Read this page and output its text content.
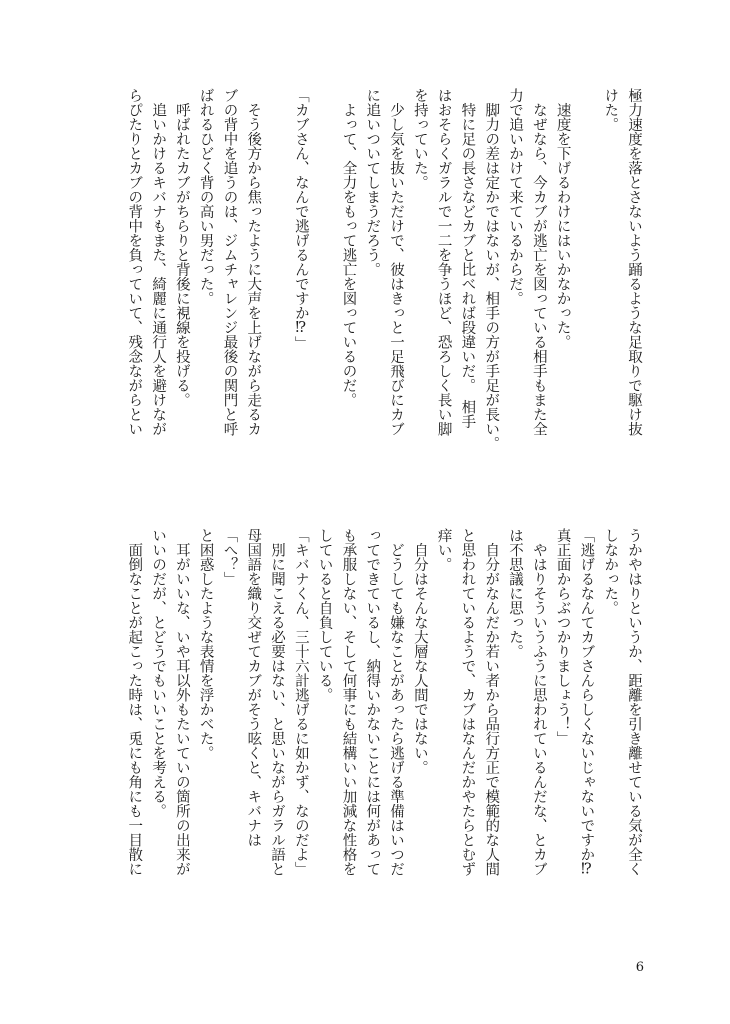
極力速度を落とさないよう踊るような足取りで駆け抜
けた。

　速度を下げるわけにはいかなかった。
　なぜなら、今カブが逃亡を図っている相手もまた全
力で追いかけて来ているからだ。
　脚力の差は定かではないが、相手の方が手足が長い。
　特に足の長さなどカブと比べれば段違いだ。　相手
はおそらくガラルで一二を争うほど、恐ろしく長い脚
を持っていた。
　少し気を抜いただけで、彼はきっと一足飛びにカブ
に追いついてしまうだろう。
　よって、全力をもって逃亡を図っているのだ。

「カブさん、なんで逃げるんですか⁉」

　そう後方から焦ったように大声を上げながら走るカ
ブの背中を追うのは、ジムチャレンジ最後の関門と呼
ばれるひどく背の高い男だった。
　呼ばれたカブがちらりと背後に視線を投げる。
　追いかけるキバナもまた、綺麗に通行人を避けなが
らぴたりとカブの背中を負っていて、残念ながらとい
うかやはりというか、距離を引き離せている気が全く
しなかった。
「逃げるなんてカブさんらしくないじゃないですか⁉
真正面からぶつかりましょう！」
　やはりそういうふうに思われているんだな、とカブ
は不思議に思った。
　自分がなんだか若い者から品行方正で模範的な人間
と思われているようで、カブはなんだかやたらとむず
痒い。
　自分はそんな大層な人間ではない。
　どうしても嫌なことがあったら逃げる準備はいつだ
ってできているし、納得いかないことには何があって
も承服しない、そして何事にも結構いい加減な性格を
していると自負している。
「キバナくん、三十六計逃げるに如かず、なのだよ」
　別に聞こえる必要はない、と思いながらガラル語と
母国語を織り交ぜてカブがそう呟くと、キバナは
「へ？」
と困惑したような表情を浮かべた。
　耳がいいな、いや耳以外もたいていの箇所の出来が
いいのだが、とどうでもいいことを考える。
　面倒なことが起こった時は、兎にも角にも一目散に
6
